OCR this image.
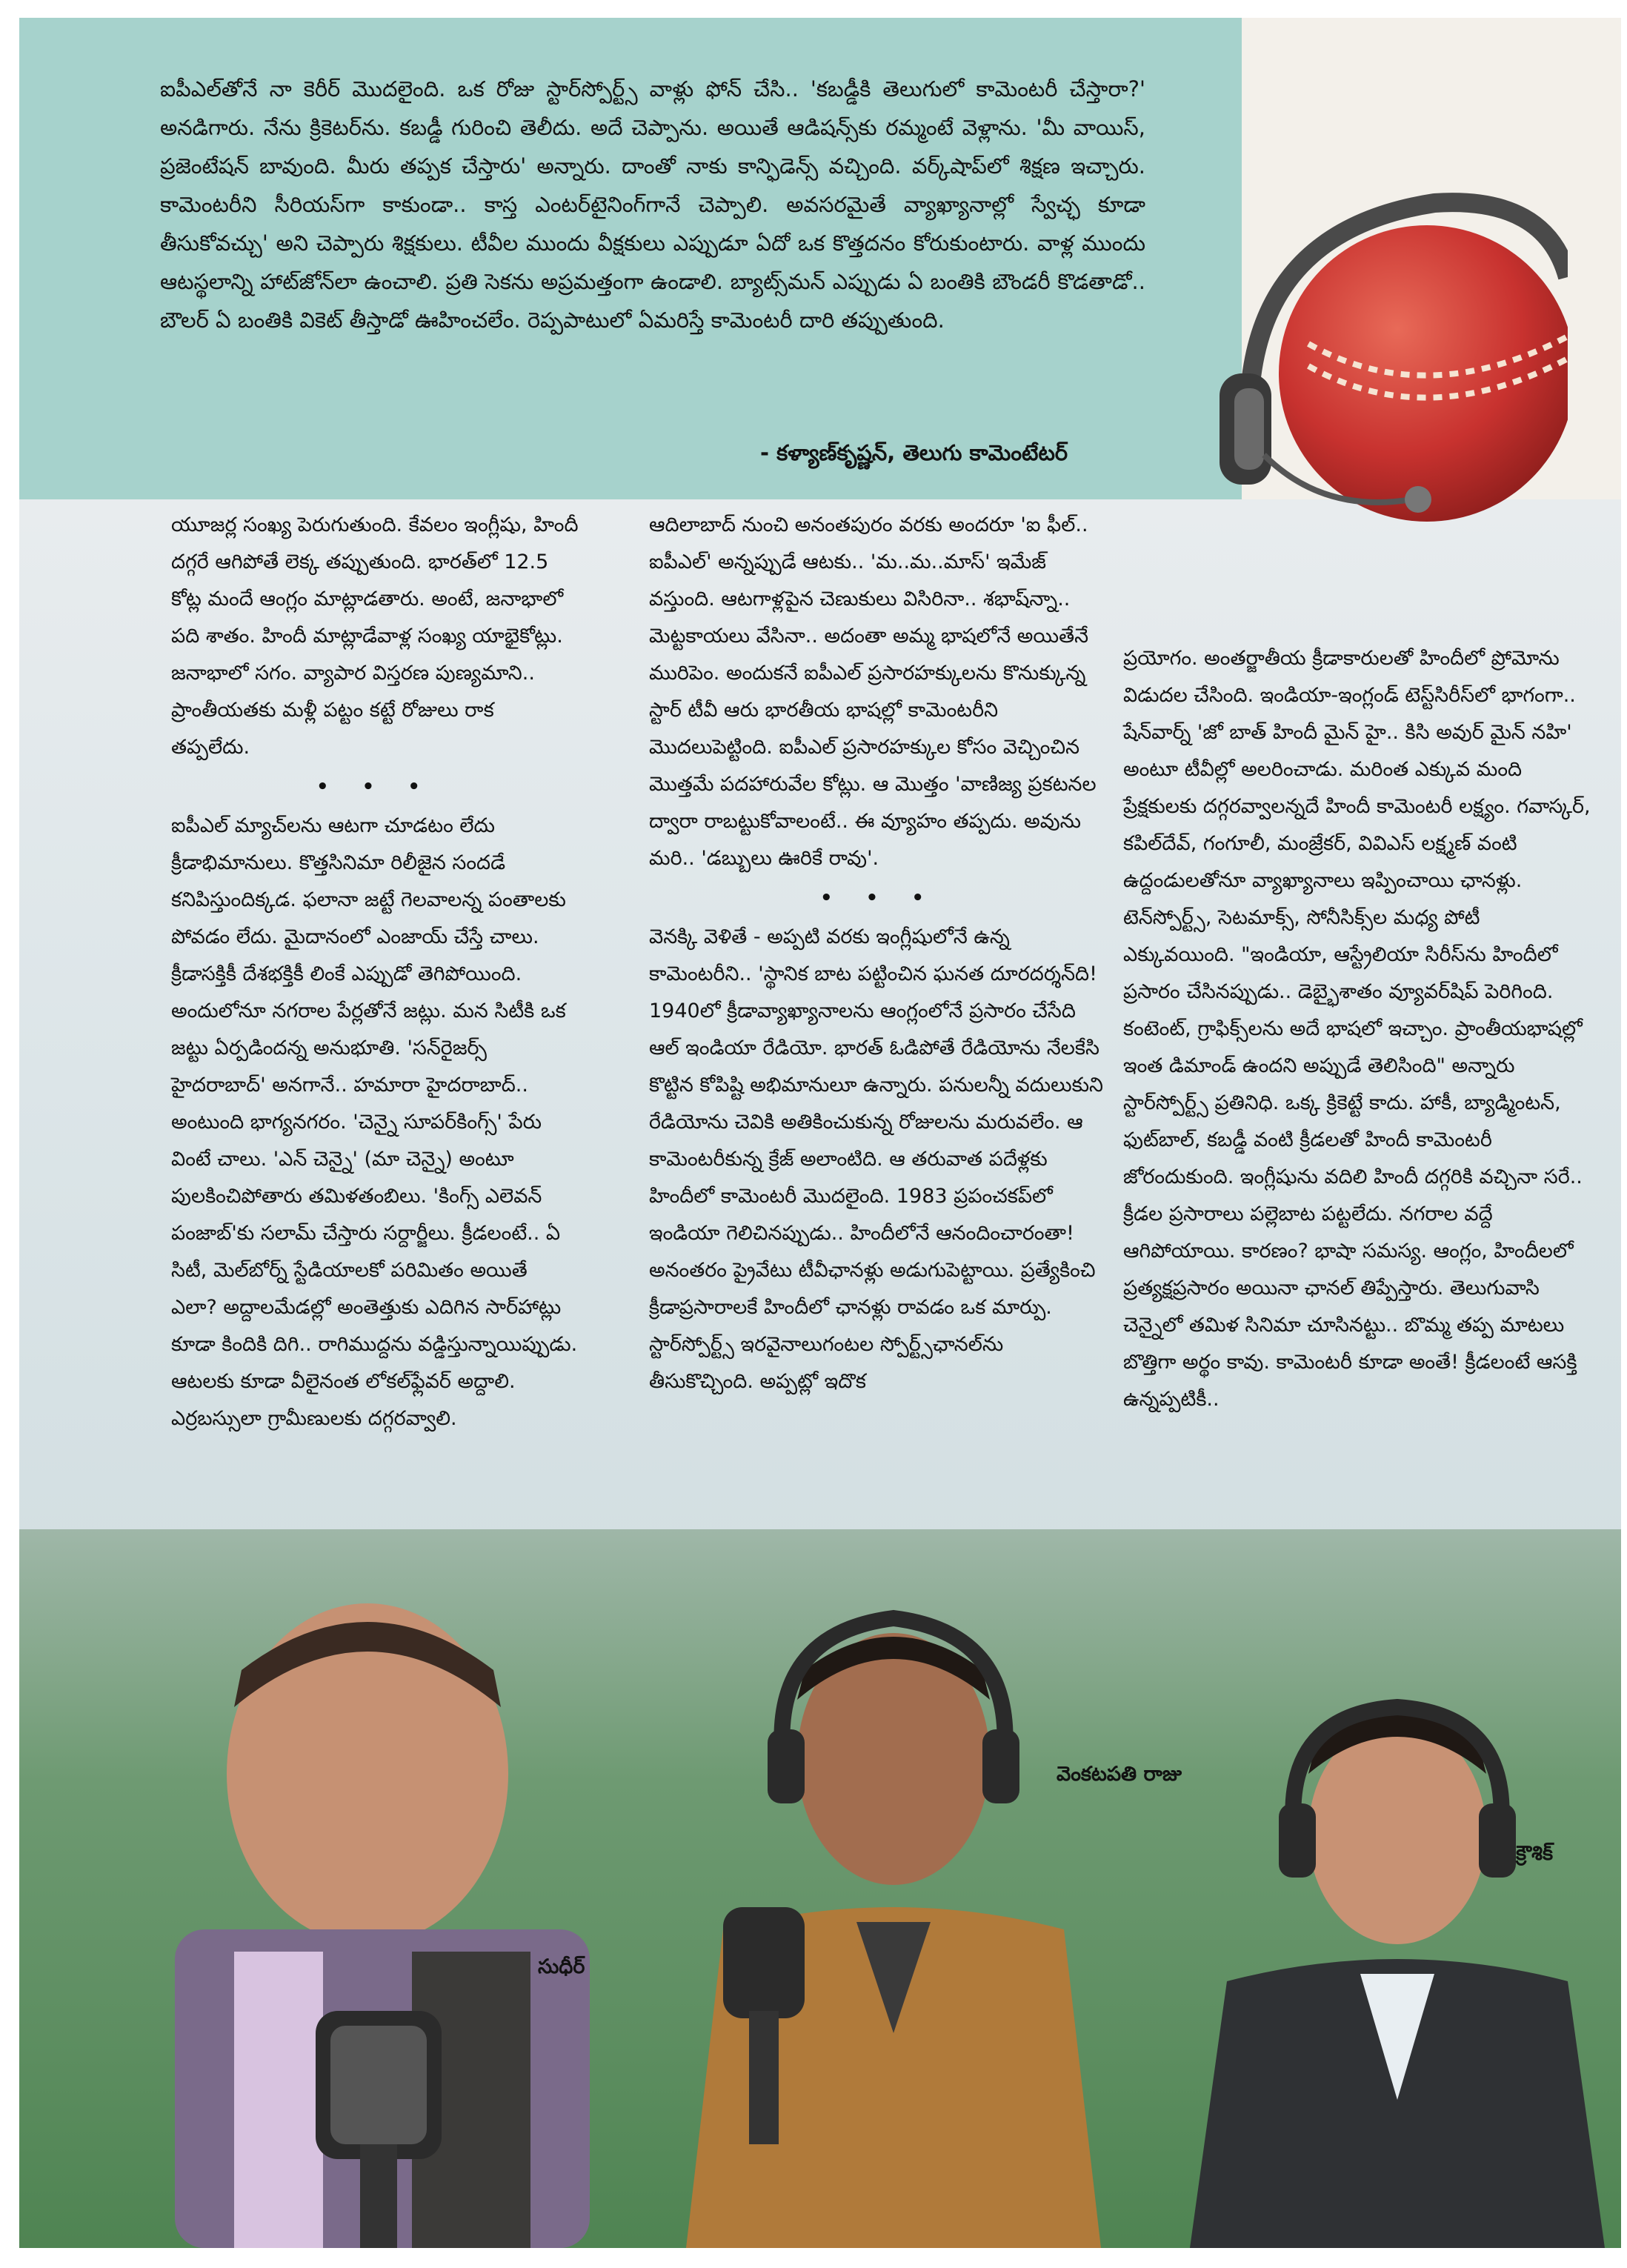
ఐపీఎల్‌తోనే నా కెరీర్ మొదలైంది. ఒక రోజు స్టార్‌స్పోర్ట్స్ వాళ్లు ఫోన్ చేసి.. 'కబడ్డీకి తెలుగులో కామెంటరీ చేస్తారా?' అనడిగారు. నేను క్రికెటర్‌ను. కబడ్డీ గురించి తెలీదు. అదే చెప్పాను. అయితే ఆడిషన్స్‌కు రమ్మంటే వెళ్లాను. 'మీ వాయిస్, ప్రజెంటేషన్ బావుంది. మీరు తప్పక చేస్తారు' అన్నారు. దాంతో నాకు కాన్ఫిడెన్స్ వచ్చింది. వర్క్‌షాప్‌లో శిక్షణ ఇచ్చారు. కామెంటరీని సీరియస్‌గా కాకుండా.. కాస్త ఎంటర్‌టైనింగ్‌గానే చెప్పాలి. అవసరమైతే వ్యాఖ్యానాల్లో స్వేచ్ఛ కూడా తీసుకోవచ్చు' అని చెప్పారు శిక్షకులు. టీవీల ముందు వీక్షకులు ఎప్పుడూ ఏదో ఒక కొత్తదనం కోరుకుంటారు. వాళ్ల ముందు ఆటస్థలాన్ని హాట్‌జోన్‌లా ఉంచాలి. ప్రతి సెకను అప్రమత్తంగా ఉండాలి. బ్యాట్స్‌మన్ ఎప్పుడు ఏ బంతికి బౌండరీ కొడతాడో.. బౌలర్ ఏ బంతికి వికెట్ తీస్తాడో ఊహించలేం. రెప్పపాటులో ఏమరిస్తే కామెంటరీ దారి తప్పుతుంది.

- కళ్యాణ్‌కృష్ణన్, తెలుగు కామెంటేటర్

యూజర్ల సంఖ్య పెరుగుతుంది. కేవలం ఇంగ్లీషు, హిందీ దగ్గరే ఆగిపోతే లెక్క తప్పుతుంది. భారత్‌లో 12.5 కోట్ల మందే ఆంగ్లం మాట్లాడతారు. అంటే, జనాభాలో పది శాతం. హిందీ మాట్లాడేవాళ్ల సంఖ్య యాభైకోట్లు. జనాభాలో సగం. వ్యాపార విస్తరణ పుణ్యమాని.. ప్రాంతీయతకు మళ్లీ పట్టం కట్టే రోజులు రాక తప్పలేదు.

• • •

ఐపీఎల్ మ్యాచ్‌లను ఆటగా చూడటం లేదు క్రీడాభిమానులు. కొత్తసినిమా రిలీజైన సందడే కనిపిస్తుందిక్కడ. ఫలానా జట్టే గెలవాలన్న పంతాలకు పోవడం లేదు. మైదానంలో ఎంజాయ్ చేస్తే చాలు. క్రీడాసక్తికీ దేశభక్తికీ లింకే ఎప్పుడో తెగిపోయింది. అందులోనూ నగరాల పేర్లతోనే జట్లు. మన సిటీకి ఒక జట్టు ఏర్పడిందన్న అనుభూతి. 'సన్‌రైజర్స్ హైదరాబాద్' అనగానే.. హమారా హైదరాబాద్.. అంటుంది భాగ్యనగరం. 'చెన్నై సూపర్‌కింగ్స్' పేరు వింటే చాలు. 'ఎన్ చెన్నై' (మా చెన్నై) అంటూ పులకించిపోతారు తమిళతంబిలు. 'కింగ్స్ ఎలెవన్ పంజాబ్'కు సలామ్ చేస్తారు సర్దార్జీలు. క్రీడలంటే.. ఏ సిటీ, మెల్‌బోర్న్ స్టేడియాలకో పరిమితం అయితే ఎలా? అద్దాలమేడల్లో అంతెత్తుకు ఎదిగిన సార్‌హాట్లు కూడా కిందికి దిగి.. రాగిముద్దను వడ్డిస్తున్నాయిప్పుడు. ఆటలకు కూడా వీలైనంత లోకల్‌ఫ్లేవర్ అద్దాలి. ఎర్రబస్సులా గ్రామీణులకు దగ్గరవ్వాలి.

ఆదిలాబాద్ నుంచి అనంతపురం వరకు అందరూ 'ఐ ఫీల్.. ఐపీఎల్' అన్నప్పుడే ఆటకు.. 'మ..మ..మాస్' ఇమేజ్ వస్తుంది. ఆటగాళ్లపైన చెణుకులు విసిరినా.. శభాష్‌న్నా.. మెట్టకాయలు వేసినా.. అదంతా అమ్మ భాషలోనే అయితేనే మురిపెం. అందుకనే ఐపీఎల్ ప్రసారహక్కులను కొనుక్కున్న స్టార్ టీవీ ఆరు భారతీయ భాషల్లో కామెంటరీని మొదలుపెట్టింది. ఐపీఎల్ ప్రసారహక్కుల కోసం వెచ్చించిన మొత్తమే పదహారువేల కోట్లు. ఆ మొత్తం 'వాణిజ్య ప్రకటనల ద్వారా రాబట్టుకోవాలంటే.. ఈ వ్యూహం తప్పదు. అవును మరి.. 'డబ్బులు ఊరికే రావు'.

• • •

వెనక్కి వెళితే - అప్పటి వరకు ఇంగ్లీషులోనే ఉన్న కామెంటరీని.. 'స్థానిక బాట పట్టించిన ఘనత దూరదర్శన్‌ది! 1940లో క్రీడావ్యాఖ్యానాలను ఆంగ్లంలోనే ప్రసారం చేసేది ఆల్ ఇండియా రేడియో. భారత్ ఓడిపోతే రేడియోను నేలకేసి కొట్టిన కోపిష్టి అభిమానులూ ఉన్నారు. పనులన్నీ వదులుకుని రేడియోను చెవికి అతికించుకున్న రోజులను మరువలేం. ఆ కామెంటరీకున్న క్రేజ్ అలాంటిది. ఆ తరువాత పదేళ్లకు హిందీలో కామెంటరీ మొదలైంది. 1983 ప్రపంచకప్‌లో ఇండియా గెలిచినప్పుడు.. హిందీలోనే ఆనందించారంతా! అనంతరం ప్రైవేటు టీవీఛానళ్లు అడుగుపెట్టాయి. ప్రత్యేకించి క్రీడాప్రసారాలకే హిందీలో ఛానళ్లు రావడం ఒక మార్పు. స్టార్‌స్పోర్ట్స్ ఇరవైనాలుగంటల స్పోర్ట్స్‌ఛానల్‌ను తీసుకొచ్చింది. అప్పట్లో ఇదొక

ప్రయోగం. అంతర్జాతీయ క్రీడాకారులతో హిందీలో ప్రోమోను విడుదల చేసింది. ఇండియా-ఇంగ్లండ్ టెస్ట్‌సిరీస్‌లో భాగంగా.. షేన్‌వార్న్ 'జో బాత్ హిందీ మైన్ హై.. కిసి అవుర్ మైన్ నహి' అంటూ టీవీల్లో అలరించాడు. మరింత ఎక్కువ మంది ప్రేక్షకులకు దగ్గరవ్వాలన్నదే హిందీ కామెంటరీ లక్ష్యం. గవాస్కర్, కపిల్‌దేవ్, గంగూలీ, మంజ్రేకర్, వివిఎస్ లక్ష్మణ్ వంటి ఉద్దండులతోనూ వ్యాఖ్యానాలు ఇప్పించాయి ఛానళ్లు. టెన్‌స్పోర్ట్స్, సెటమాక్స్, సోనీసిక్స్‌ల మధ్య పోటీ ఎక్కువయింది. "ఇండియా, ఆస్ట్రేలియా సిరీస్‌ను హిందీలో ప్రసారం చేసినప్పుడు.. డెబ్భైశాతం వ్యూవర్‌షిప్ పెరిగింది. కంటెంట్, గ్రాఫిక్స్‌లను అదే భాషలో ఇచ్చాం. ప్రాంతీయభాషల్లో ఇంత డిమాండ్ ఉందని అప్పుడే తెలిసింది" అన్నారు స్టార్‌స్పోర్ట్స్ ప్రతినిధి. ఒక్క క్రికెట్టే కాదు. హాకీ, బ్యాడ్మింటన్, ఫుట్‌బాల్, కబడ్డీ వంటి క్రీడలతో హిందీ కామెంటరీ జోరందుకుంది. ఇంగ్లీషును వదిలి హిందీ దగ్గరికి వచ్చినా సరే.. క్రీడల ప్రసారాలు పల్లెబాట పట్టలేదు. నగరాల వద్దే ఆగిపోయాయి. కారణం? భాషా సమస్య. ఆంగ్లం, హిందీలలో ప్రత్యక్షప్రసారం అయినా ఛానల్ తిప్పేస్తారు. తెలుగువాసి చెన్నైలో తమిళ సినిమా చూసినట్టు.. బొమ్మ తప్ప మాటలు బొత్తిగా అర్థం కావు. కామెంటరీ కూడా అంతే! క్రీడలంటే ఆసక్తి ఉన్నప్పటికీ..

సుధీర్
వెంకటపతి రాజు
క్రౌశిక్
